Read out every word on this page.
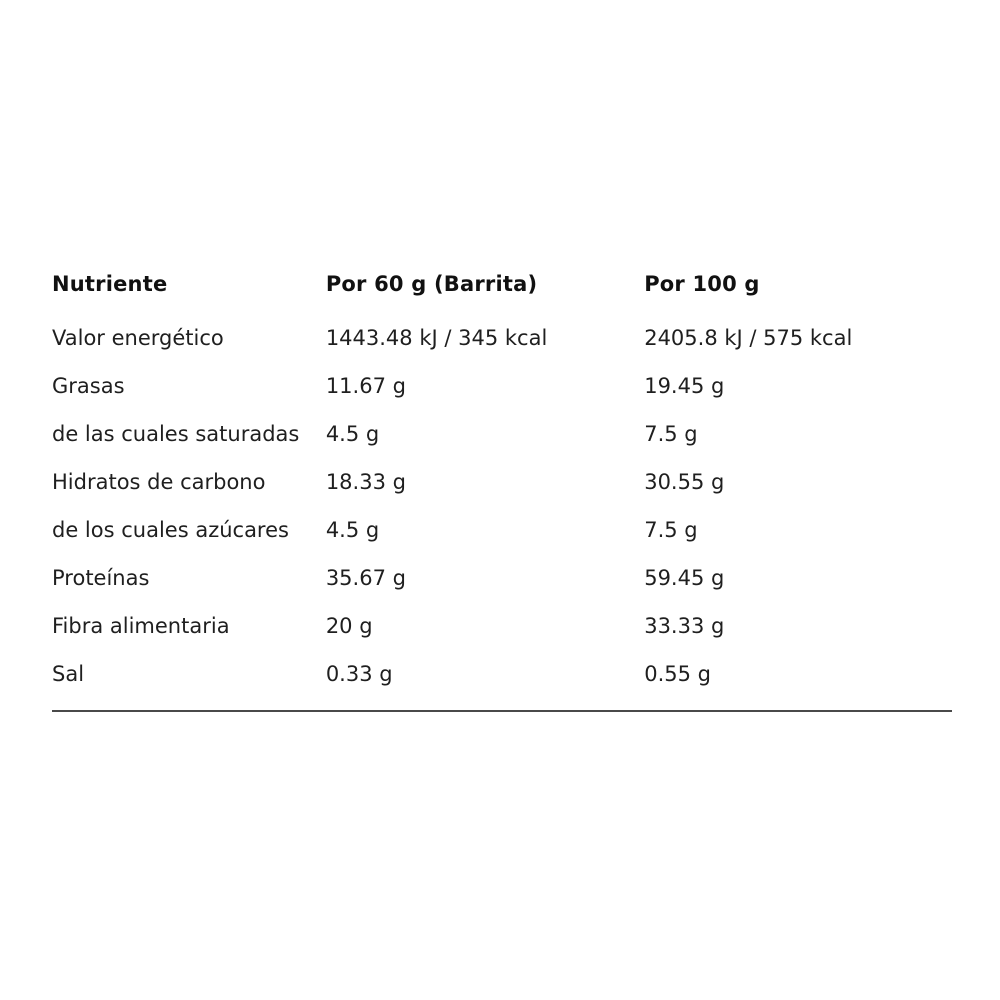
Nutriente	Por 60 g (Barrita)	Por 100 g
Valor energético	1443.48 kJ / 345 kcal	2405.8 kJ / 575 kcal
Grasas	11.67 g	19.45 g
de las cuales saturadas	4.5 g	7.5 g
Hidratos de carbono	18.33 g	30.55 g
de los cuales azúcares	4.5 g	7.5 g
Proteínas	35.67 g	59.45 g
Fibra alimentaria	20 g	33.33 g
Sal	0.33 g	0.55 g
